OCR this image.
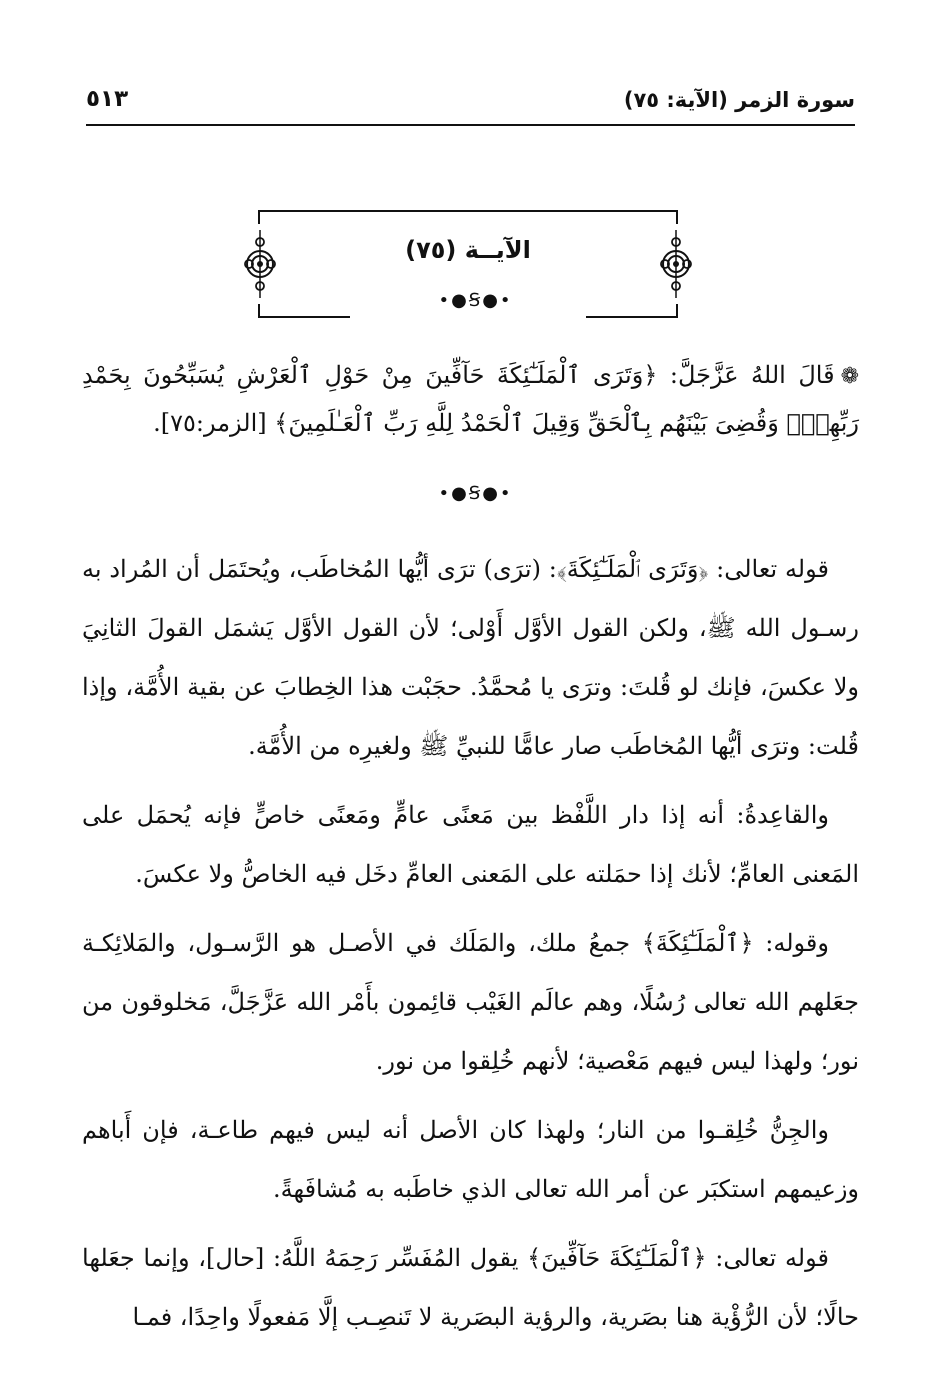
سورة الزمر (الآية: ٧٥)
٥١٣
الآيــة (٧٥)
•●Ꞩ●•
❁قَالَ اللهُ عَزَّجَلَّ: ﴿وَتَرَى ٱلْمَلَـٰٓئِكَةَ حَآفِّينَ مِنْ حَوْلِ ٱلْعَرْشِ يُسَبِّحُونَ بِحَمْدِ رَبِّهِمْۖ وَقُضِىَ بَيْنَهُم بِٱلْحَقِّ وَقِيلَ ٱلْحَمْدُ لِلَّهِ رَبِّ ٱلْعَـٰلَمِينَ﴾ [الزمر:٧٥].
•●Ꞩ●•

قوله تعالى: ﴿وَتَرَى ٱلْمَلَـٰٓئِكَةَ﴾: (ترَى) ترَى أيُّها المُخاطَب، ويُحتَمَل أن المُراد به رسـول الله ﷺ، ولكن القول الأوَّل أَوْلى؛ لأن القول الأوَّل يَشمَل القولَ الثانِيَ ولا عكسَ، فإنك لو قُلتَ: وترَى يا مُحمَّدُ. حجَبْت هذا الخِطابَ عن بقية الأُمَّة، وإذا قُلت: وترَى أيُّها المُخاطَب صار عامًّا للنبيِّ ﷺ ولغيرِه من الأُمَّة.

والقاعِدةُ: أنه إذا دار اللَّفْظ بين مَعنًى عامٍّ ومَعنًى خاصٍّ فإنه يُحمَل على المَعنى العامِّ؛ لأنك إذا حمَلته على المَعنى العامِّ دخَل فيه الخاصُّ ولا عكسَ.

وقوله: ﴿ٱلْمَلَـٰٓئِكَةَ﴾ جمعُ ملك، والمَلَك في الأصـل هو الرَّسـول، والمَلائِكـة جعَلهم الله تعالى رُسُلًا، وهم عالَم الغَيْب قائِمون بأَمْر الله عَزَّجَلَّ، مَخلوقون من نور؛ ولهذا ليس فيهم مَعْصية؛ لأنهم خُلِقوا من نور.

والجِنُّ خُلِقـوا من النار؛ ولهذا كان الأصل أنه ليس فيهم طاعـة، فإن أَباهم وزعيمهم استكبَر عن أمر الله تعالى الذي خاطَبه به مُشافَهةً.

قوله تعالى: ﴿ٱلْمَلَـٰٓئِكَةَ حَآفِّينَ﴾ يقول المُفَسِّر رَحِمَهُ اللَّهُ: [حال]، وإنما جعَلها حالًا؛ لأن الرُّؤْية هنا بصَرية، والرؤية البصَرية لا تَنصِـب إلَّا مَفعولًا واحِدًا، فمـا
